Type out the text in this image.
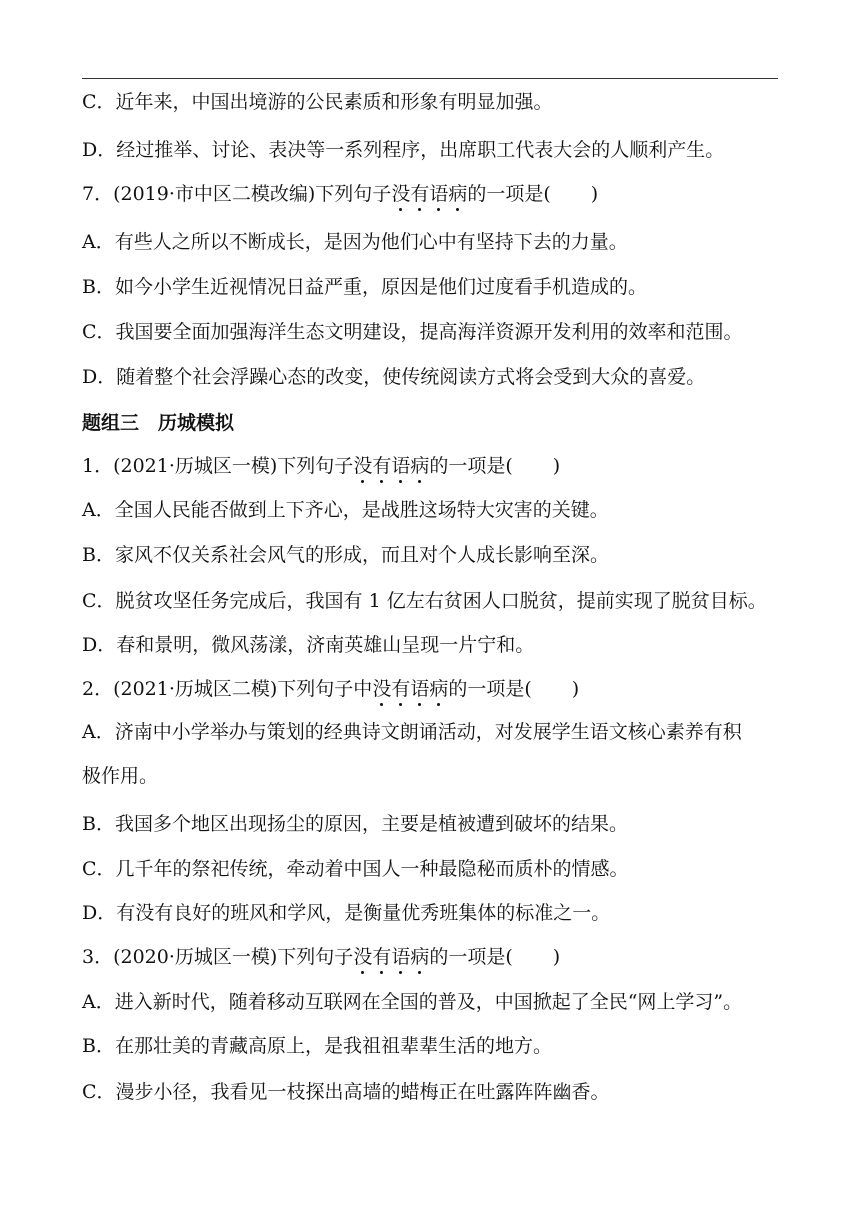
C．近年来，中国出境游的公民素质和形象有明显加强。
D．经过推举、讨论、表决等一系列程序，出席职工代表大会的人顺利产生。
7．(2019·市中区二模改编)下列句子没有语病的一项是( )
A．有些人之所以不断成长，是因为他们心中有坚持下去的力量。
B．如今小学生近视情况日益严重，原因是他们过度看手机造成的。
C．我国要全面加强海洋生态文明建设，提高海洋资源开发利用的效率和范围。
D．随着整个社会浮躁心态的改变，使传统阅读方式将会受到大众的喜爱。
题组三　历城模拟
1．(2021·历城区一模)下列句子没有语病的一项是( )
A．全国人民能否做到上下齐心，是战胜这场特大灾害的关键。
B．家风不仅关系社会风气的形成，而且对个人成长影响至深。
C．脱贫攻坚任务完成后，我国有 1 亿左右贫困人口脱贫，提前实现了脱贫目标。
D．春和景明，微风荡漾，济南英雄山呈现一片宁和。
2．(2021·历城区二模)下列句子中没有语病的一项是( )
A．济南中小学举办与策划的经典诗文朗诵活动，对发展学生语文核心素养有积
极作用。
B．我国多个地区出现扬尘的原因，主要是植被遭到破坏的结果。
C．几千年的祭祀传统，牵动着中国人一种最隐秘而质朴的情感。
D．有没有良好的班风和学风，是衡量优秀班集体的标准之一。
3．(2020·历城区一模)下列句子没有语病的一项是( )
A．进入新时代，随着移动互联网在全国的普及，中国掀起了全民“网上学习”。
B．在那壮美的青藏高原上，是我祖祖辈辈生活的地方。
C．漫步小径，我看见一枝探出高墙的蜡梅正在吐露阵阵幽香。
